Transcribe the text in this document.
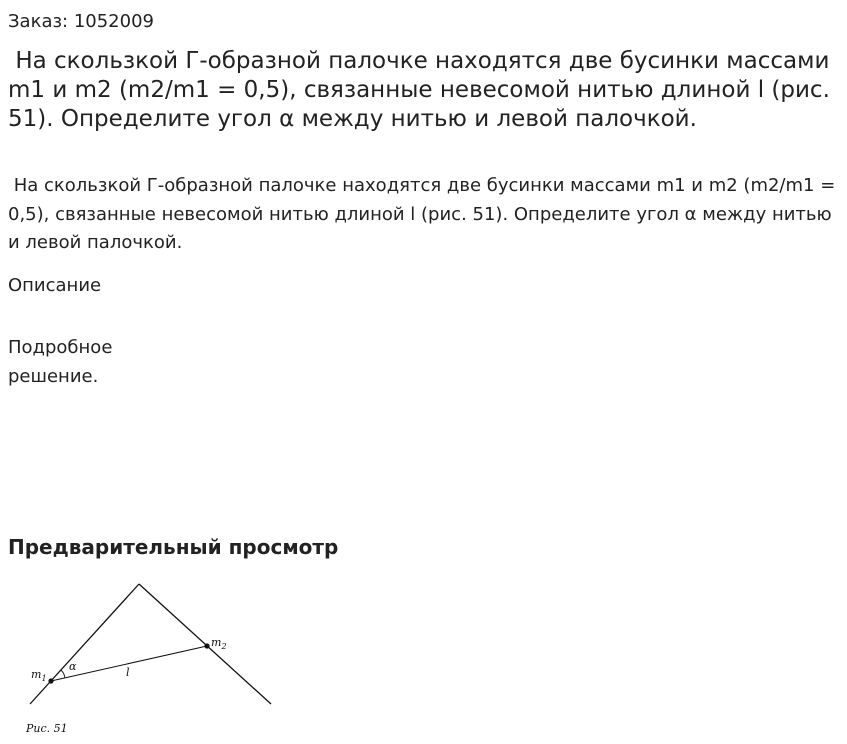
Заказ: 1052009
На скользкой Г-образной палочке находятся две бусинки массами m1 и m2 (m2/m1 = 0,5), связанные невесомой нитью длиной l (рис. 51). Определите угол α между нитью и левой палочкой.

На скользкой Г-образной палочке находятся две бусинки массами m1 и m2 (m2/m1 = 0,5), связанные невесомой нитью длиной l (рис. 51). Определите угол α между нитью и левой палочкой.

Описание

Подробное решение.

Предварительный просмотр
$m_1$
$m_2$
α	l
Рис. 51
